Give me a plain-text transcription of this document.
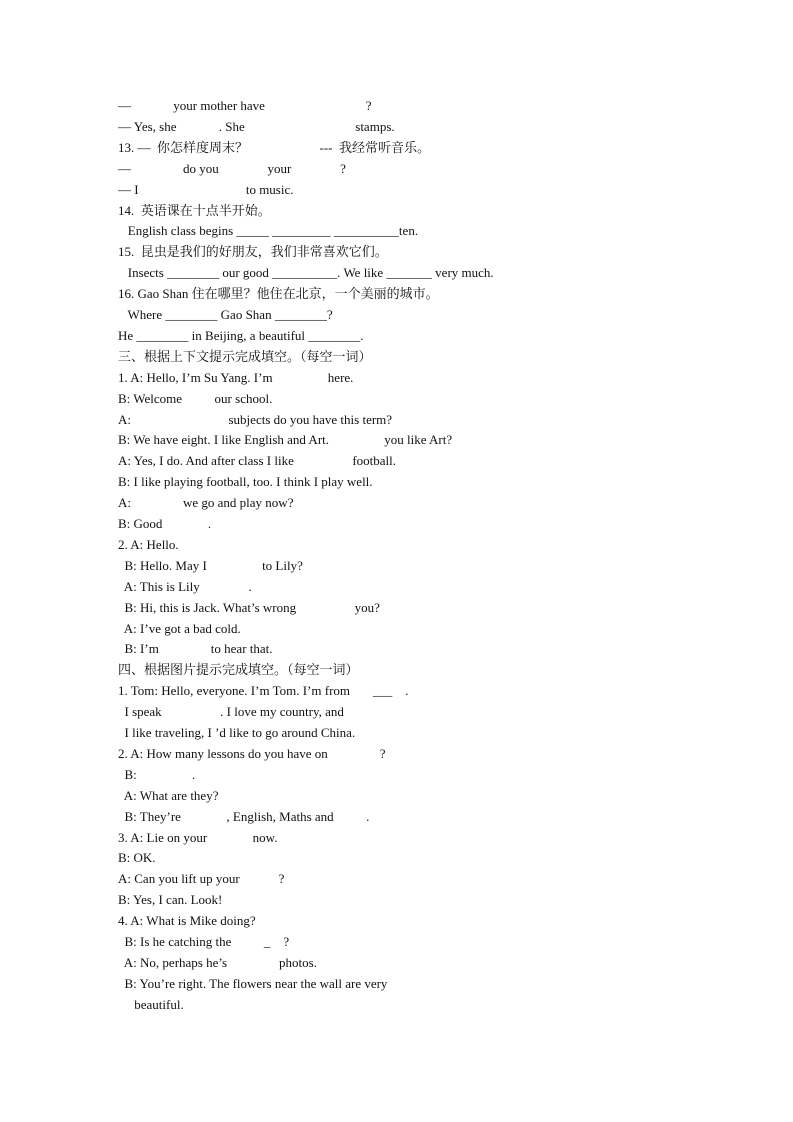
—             your mother have                               ?
— Yes, she             . She                                  stamps.
13. —  你怎样度周末？                      ---  我经常听音乐。
—                do you               your               ?
— I                                 to music.
14.  英语课在十点半开始。
English class begins _____ _________ __________ten.
15.  昆虫是我们的好朋友，我们非常喜欢它们。
Insects ________ our good __________. We like _______ very much.
16. Gao Shan 住在哪里？他住在北京，一个美丽的城市。
Where ________ Gao Shan ________?
He ________ in Beijing, a beautiful ________.
三、根据上下文提示完成填空。（每空一词）
1. A: Hello, I’m Su Yang. I’m                 here.
B: Welcome          our school.
A:                              subjects do you have this term?
B: We have eight. I like English and Art.                 you like Art?
A: Yes, I do. And after class I like                  football.
B: I like playing football, too. I think I play well.
A:                we go and play now?
B: Good              .
2. A: Hello.
B: Hello. May I                 to Lily?
A: This is Lily               .
B: Hi, this is Jack. What’s wrong                  you?
A: I’ve got a bad cold.
B: I’m                to hear that.
四、根据图片提示完成填空。（每空一词）
1. Tom: Hello, everyone. I’m Tom. I’m from       ___    .
I speak                  . I love my country, and
I like traveling, I ’d like to go around China.
2. A: How many lessons do you have on                ?
B:                 .
A: What are they?
B: They’re              , English, Maths and          .
3. A: Lie on your              now.
B: OK.
A: Can you lift up your            ?
B: Yes, I can. Look!
4. A: What is Mike doing?
B: Is he catching the          _    ?
A: No, perhaps he’s                photos.
B: You’re right. The flowers near the wall are very
beautiful.
